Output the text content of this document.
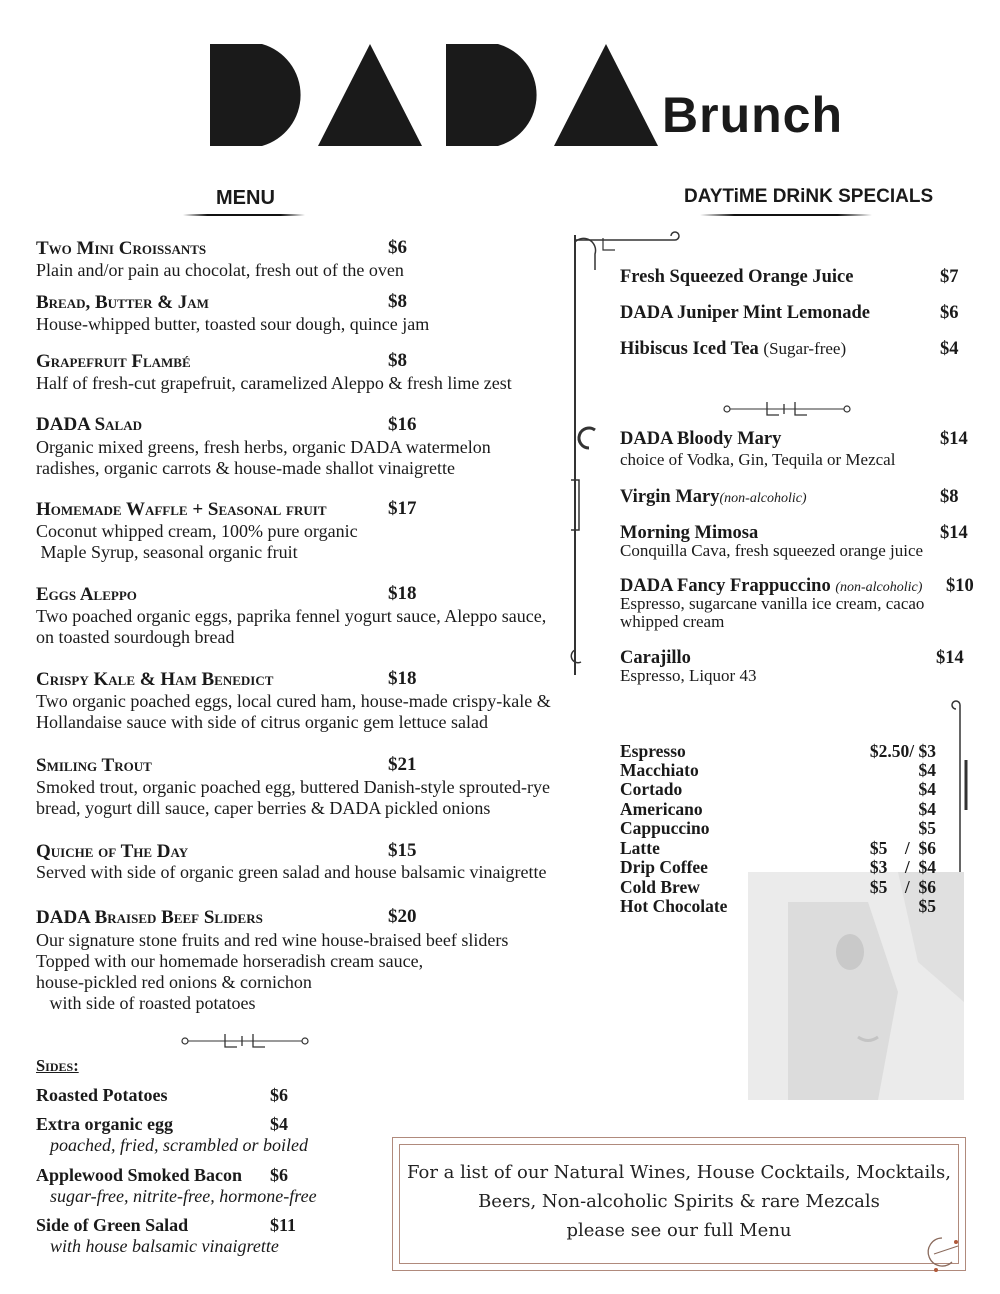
Brunch
MENU
Two Mini Croissants	$6
Plain and/or pain au chocolat, fresh out of the oven
Bread, Butter & Jam	$8
House-whipped butter, toasted sour dough, quince jam
Grapefruit Flambé	$8
Half of fresh-cut grapefruit, caramelized Aleppo & fresh lime zest
DADA Salad	$16
Organic mixed greens, fresh herbs, organic DADA watermelon
radishes, organic carrots & house-made shallot vinaigrette
Homemade Waffle + Seasonal fruit	$17
Coconut whipped cream, 100% pure organic
Maple Syrup, seasonal organic fruit
Eggs Aleppo	$18
Two poached organic eggs, paprika fennel yogurt sauce, Aleppo sauce,
on toasted sourdough bread
Crispy Kale & Ham Benedict	$18
Two organic poached eggs, local cured ham, house-made crispy-kale &
Hollandaise sauce with side of citrus organic gem lettuce salad
Smiling Trout	$21
Smoked trout, organic poached egg, buttered Danish-style sprouted-rye
bread, yogurt dill sauce, caper berries & DADA pickled onions
Quiche of The Day	$15
Served with side of organic green salad and house balsamic vinaigrette
DADA Braised Beef Sliders	$20
Our signature stone fruits and red wine house-braised beef sliders
Topped with our homemade horseradish cream sauce,
house-pickled red onions & cornichon
with side of roasted potatoes
Sides:
Roasted Potatoes	$6
Extra organic egg	$4
poached, fried, scrambled or boiled
Applewood Smoked Bacon $6
sugar-free, nitrite-free, hormone-free
Side of Green Salad	$11
with house balsamic vinaigrette
DAYTiME DRiNK SPECIALS
Fresh Squeezed Orange Juice	$7
DADA Juniper Mint Lemonade	$6
Hibiscus Iced Tea (Sugar-free)	$4
DADA Bloody Mary	$14
choice of Vodka, Gin, Tequila or Mezcal
Virgin Mary(non-alcoholic)	$8
Morning Mimosa	$14
Conquilla Cava, fresh squeezed orange juice
DADA Fancy Frappuccino (non-alcoholic) $10
Espresso, sugarcane vanilla ice cream, cacao
whipped cream
Carajillo	$14
Espresso, Liquor 43
Espresso	$2.50/ $3
Macchiato	$4
Cortado	$4
Americano	$4
Cappuccino	$5
Latte	$5    /  $6
Drip Coffee	$3    /  $4
Cold Brew	$5    /  $6
Hot Chocolate	$5
For a list of our Natural Wines, House Cocktails, Mocktails,
Beers, Non-alcoholic Spirits & rare Mezcals
please see our full Menu
